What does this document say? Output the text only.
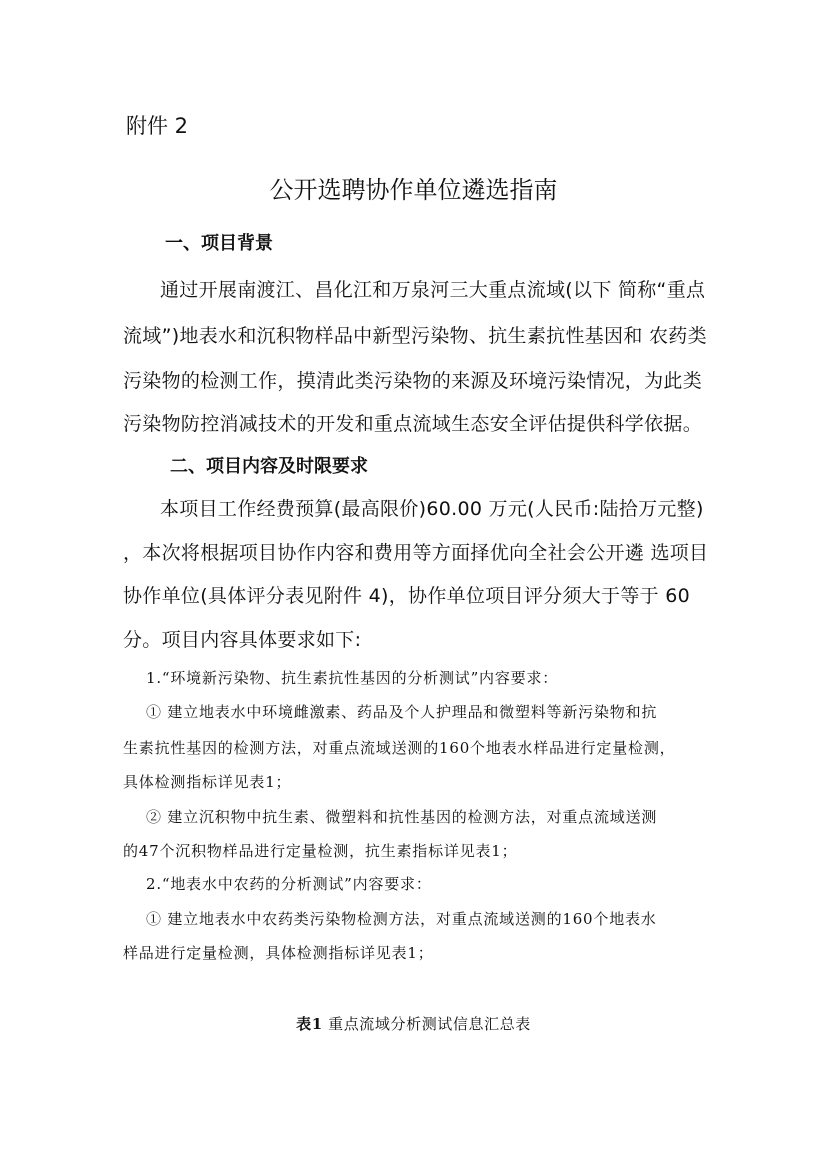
附件 2
公开选聘协作单位遴选指南
一、项目背景
通过开展南渡江、昌化江和万泉河三大重点流域(以下 简称“重点
流域”)地表水和沉积物样品中新型污染物、抗生素抗性基因和 农药类
污染物的检测工作，摸清此类污染物的来源及环境污染情况，为此类
污染物防控消减技术的开发和重点流域生态安全评估提供科学依据。
二、项目内容及时限要求
本项目工作经费预算(最高限价)60.00 万元(人民币:陆拾万元整)
，本次将根据项目协作内容和费用等方面择优向全社会公开遴 选项目
协作单位(具体评分表见附件 4)，协作单位项目评分须大于等于 60
分。项目内容具体要求如下:
1.“环境新污染物、抗生素抗性基因的分析测试”内容要求：
① 建立地表水中环境雌激素、药品及个人护理品和微塑料等新污染物和抗
生素抗性基因的检测方法，对重点流域送测的160个地表水样品进行定量检测，
具体检测指标详见表1；
② 建立沉积物中抗生素、微塑料和抗性基因的检测方法，对重点流域送测
的47个沉积物样品进行定量检测，抗生素指标详见表1；
2.“地表水中农药的分析测试”内容要求：
① 建立地表水中农药类污染物检测方法，对重点流域送测的160个地表水
样品进行定量检测，具体检测指标详见表1；
表1 重点流域分析测试信息汇总表
